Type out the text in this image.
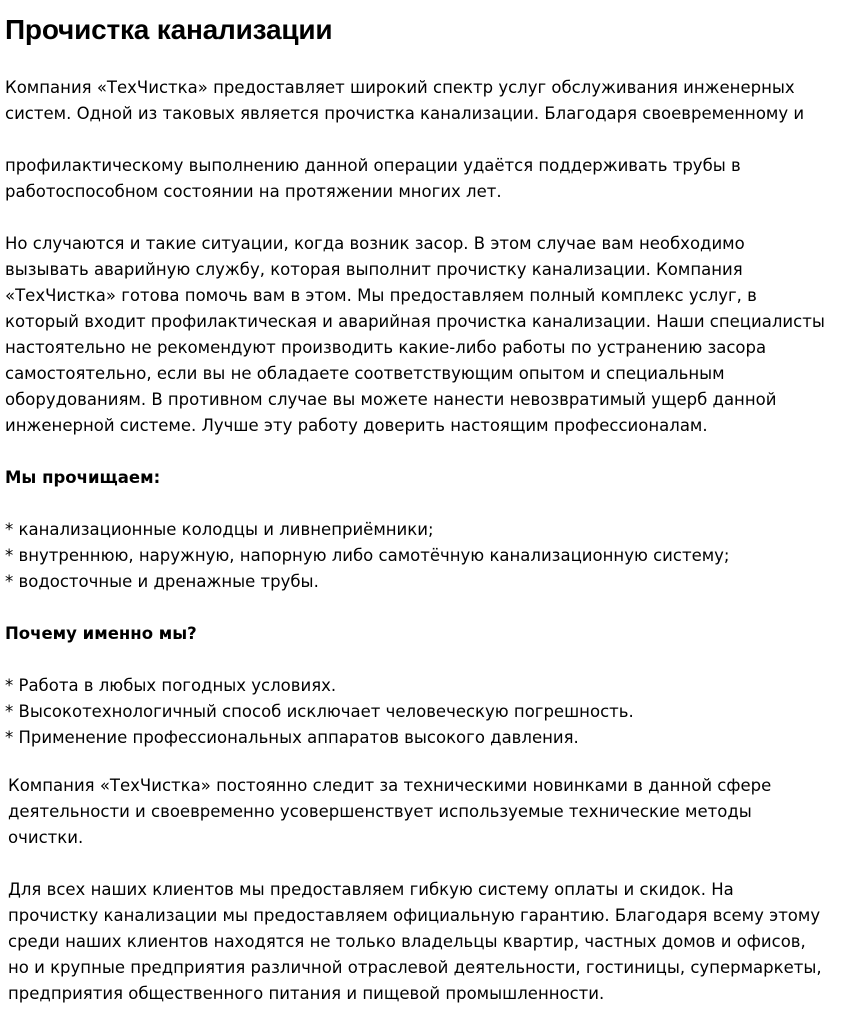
Прочистка канализации

Компания «ТехЧистка» предоставляет широкий спектр услуг обслуживания инженерных

систем. Одной из таковых является прочистка канализации. Благодаря своевременному и

профилактическому выполнению данной операции удаётся поддерживать трубы в

работоспособном состоянии на протяжении многих лет.

Но случаются и такие ситуации, когда возник засор. В этом случае вам необходимо

вызывать аварийную службу, которая выполнит прочистку канализации. Компания

«ТехЧистка» готова помочь вам в этом. Мы предоставляем полный комплекс услуг, в

который входит профилактическая и аварийная прочистка канализации. Наши специалисты

настоятельно не рекомендуют производить какие-либо работы по устранению засора

самостоятельно, если вы не обладаете соответствующим опытом и специальным

оборудованиям. В противном случае вы можете нанести невозвратимый ущерб данной

инженерной системе. Лучше эту работу доверить настоящим профессионалам.

Мы прочищаем:

* канализационные колодцы и ливнеприёмники;

* внутреннюю, наружную, напорную либо самотёчную канализационную систему;

* водосточные и дренажные трубы.

Почему именно мы?

* Работа в любых погодных условиях.

* Высокотехнологичный способ исключает человеческую погрешность.

* Применение профессиональных аппаратов высокого давления.

Компания «ТехЧистка» постоянно следит за техническими новинками в данной сфере

деятельности и своевременно усовершенствует используемые технические методы

очистки.

Для всех наших клиентов мы предоставляем гибкую систему оплаты и скидок. На

прочистку канализации мы предоставляем официальную гарантию. Благодаря всему этому

среди наших клиентов находятся не только владельцы квартир, частных домов и офисов,

но и крупные предприятия различной отраслевой деятельности, гостиницы, супермаркеты,

предприятия общественного питания и пищевой промышленности.
